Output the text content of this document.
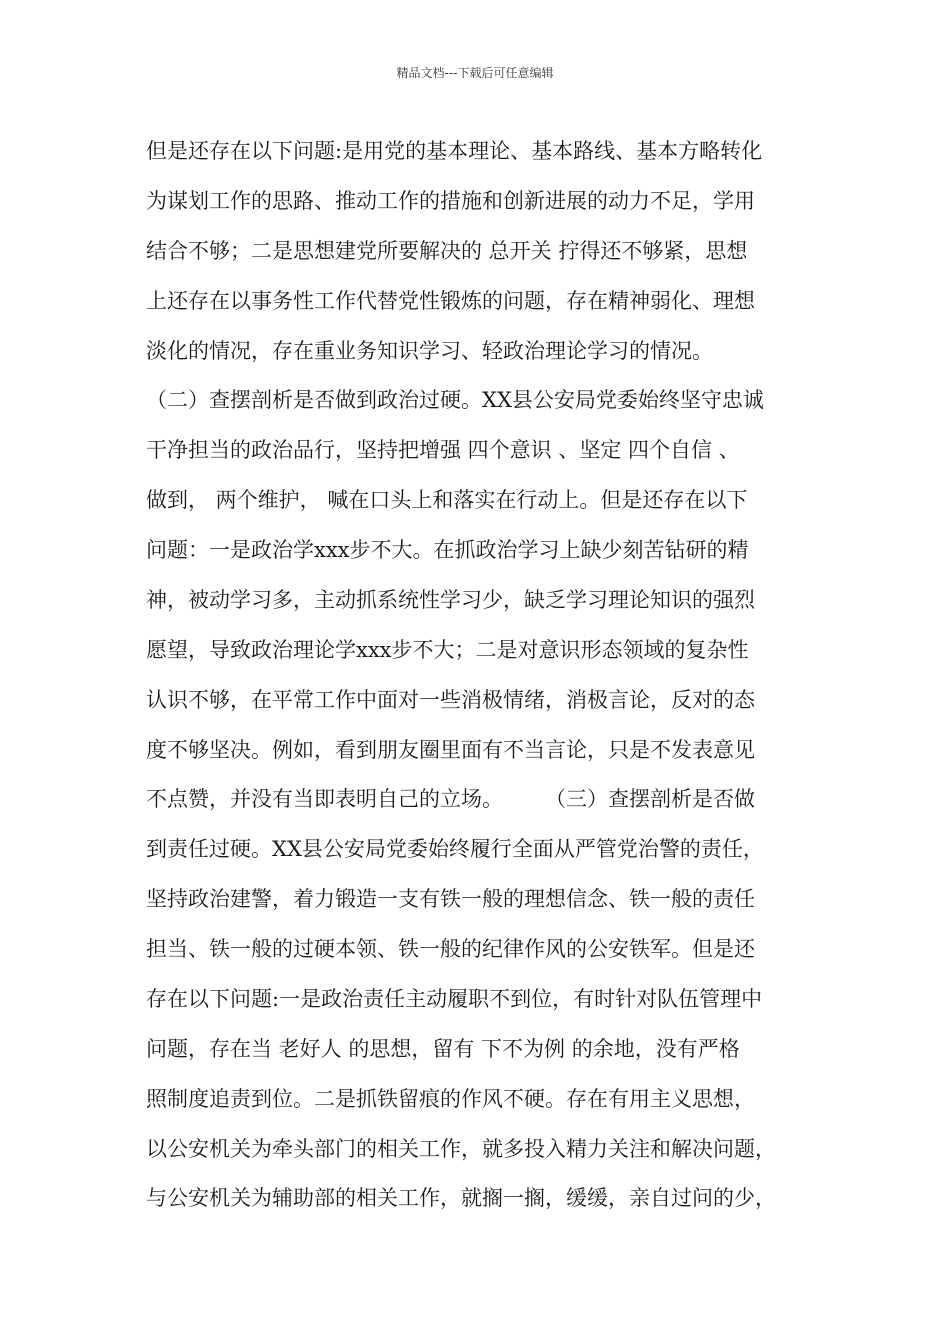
精品文档---下载后可任意编辑
但是还存在以下问题:是用党的基本理论、基本路线、基本方略转化
为谋划工作的思路、推动工作的措施和创新进展的动力不足，学用
结合不够；二是思想建党所要解决的 总开关 拧得还不够紧，思想
上还存在以事务性工作代替党性锻炼的问题，存在精神弱化、理想
淡化的情况，存在重业务知识学习、轻政治理论学习的情况。
（二）查摆剖析是否做到政治过硬。XX县公安局党委始终坚守忠诚
干净担当的政治品行，坚持把增强 四个意识 、坚定 四个自信 、
做到， 两个维护， 喊在口头上和落实在行动上。但是还存在以下
问题：一是政治学xxx步不大。在抓政治学习上缺少刻苦钻研的精
神，被动学习多，主动抓系统性学习少，缺乏学习理论知识的强烈
愿望，导致政治理论学xxx步不大；二是对意识形态领域的复杂性
认识不够，在平常工作中面对一些消极情绪，消极言论，反对的态
度不够坚决。例如，看到朋友圈里面有不当言论，只是不发表意见
不点赞，并没有当即表明自己的立场。　　　（三）查摆剖析是否做
到责任过硬。XX县公安局党委始终履行全面从严管党治警的责任，
坚持政治建警，着力锻造一支有铁一般的理想信念、铁一般的责任
担当、铁一般的过硬本领、铁一般的纪律作风的公安铁军。但是还
存在以下问题:一是政治责任主动履职不到位，有时针对队伍管理中
问题，存在当 老好人 的思想，留有 下不为例 的余地，没有严格
照制度追责到位。二是抓铁留痕的作风不硬。存在有用主义思想，
以公安机关为牵头部门的相关工作，就多投入精力关注和解决问题，
与公安机关为辅助部的相关工作，就搁一搁，缓缓，亲自过问的少，
